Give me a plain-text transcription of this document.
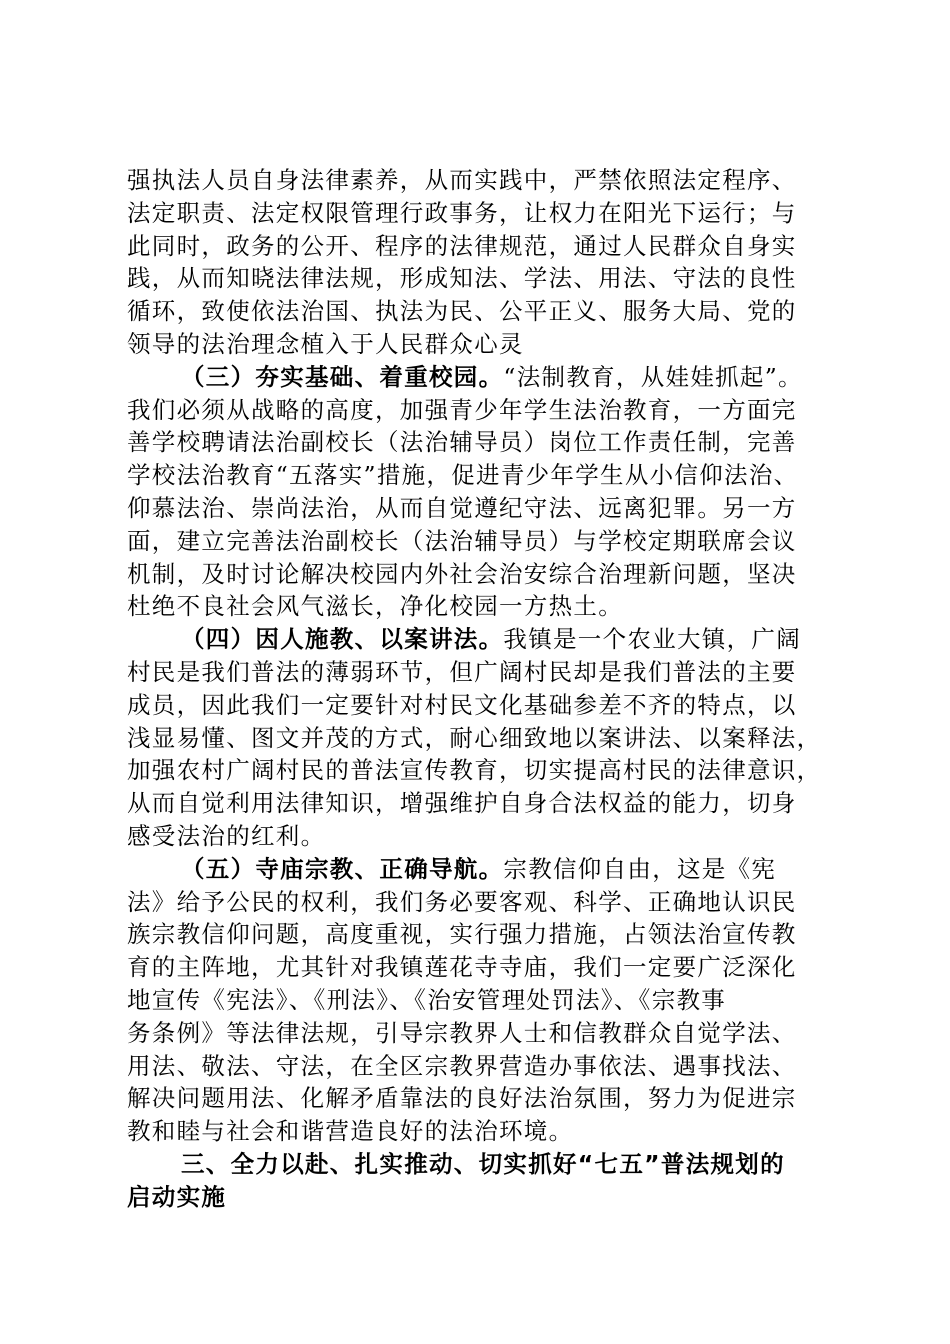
强执法人员自身法律素养，从而实践中，严禁依照法定程序、
法定职责、法定权限管理行政事务，让权力在阳光下运行；与
此同时，政务的公开、程序的法律规范，通过人民群众自身实
践，从而知晓法律法规，形成知法、学法、用法、守法的良性
循环，致使依法治国、执法为民、公平正义、服务大局、党的
领导的法治理念植入于人民群众心灵
（三）夯实基础、着重校园。“法制教育，从娃娃抓起”。
我们必须从战略的高度，加强青少年学生法治教育，一方面完
善学校聘请法治副校长（法治辅导员）岗位工作责任制，完善
学校法治教育“五落实”措施，促进青少年学生从小信仰法治、
仰慕法治、崇尚法治，从而自觉遵纪守法、远离犯罪。另一方
面，建立完善法治副校长（法治辅导员）与学校定期联席会议
机制，及时讨论解决校园内外社会治安综合治理新问题，坚决
杜绝不良社会风气滋长，净化校园一方热土。
（四）因人施教、以案讲法。我镇是一个农业大镇，广阔
村民是我们普法的薄弱环节，但广阔村民却是我们普法的主要
成员，因此我们一定要针对村民文化基础参差不齐的特点，以
浅显易懂、图文并茂的方式，耐心细致地以案讲法、以案释法，
加强农村广阔村民的普法宣传教育，切实提高村民的法律意识，
从而自觉利用法律知识，增强维护自身合法权益的能力，切身
感受法治的红利。
（五）寺庙宗教、正确导航。宗教信仰自由，这是《宪
法》给予公民的权利，我们务必要客观、科学、正确地认识民
族宗教信仰问题，高度重视，实行强力措施，占领法治宣传教
育的主阵地，尤其针对我镇莲花寺寺庙，我们一定要广泛深化
地宣传《宪法》、《刑法》、《治安管理处罚法》、《宗教事
务条例》等法律法规，引导宗教界人士和信教群众自觉学法、
用法、敬法、守法，在全区宗教界营造办事依法、遇事找法、
解决问题用法、化解矛盾靠法的良好法治氛围，努力为促进宗
教和睦与社会和谐营造良好的法治环境。
三、全力以赴、扎实推动、切实抓好“七五”普法规划的
启动实施
